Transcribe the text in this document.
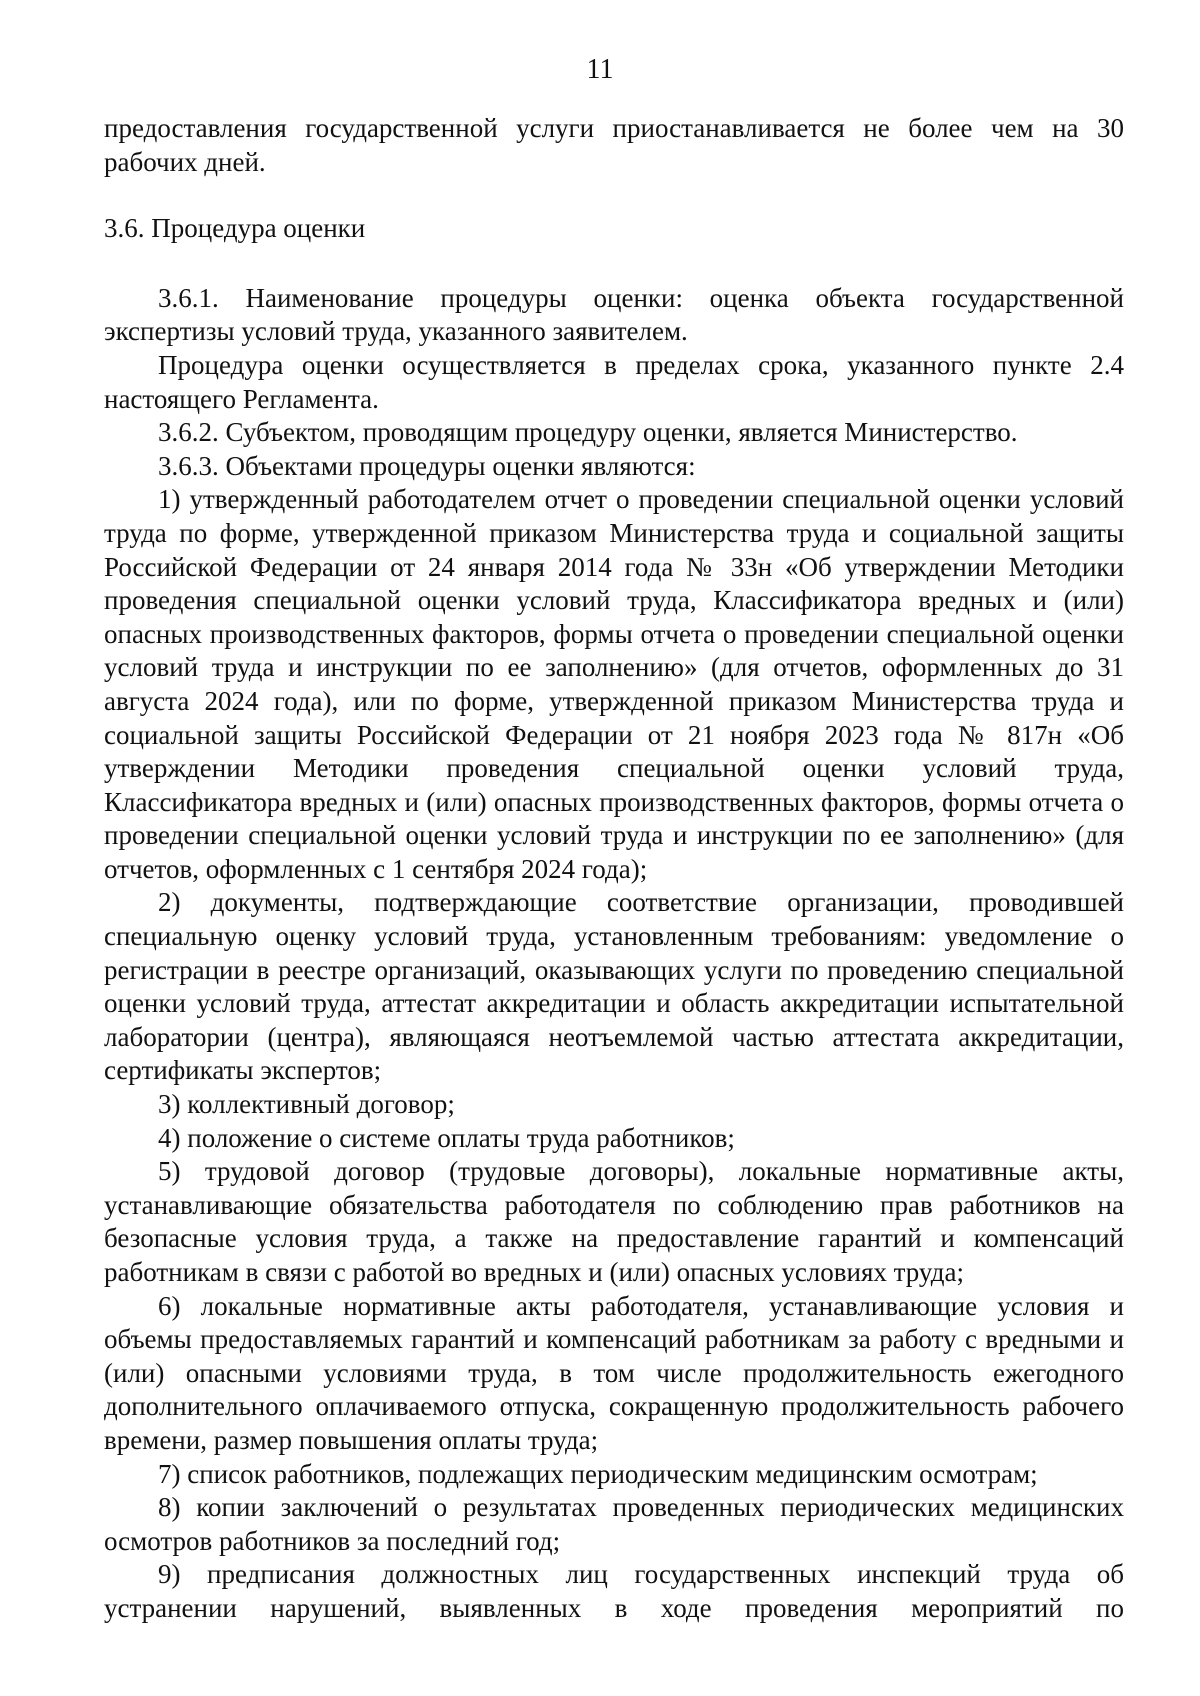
11

предоставления государственной услуги приостанавливается не более чем на 30 рабочих дней.

3.6. Процедура оценки

3.6.1. Наименование процедуры оценки: оценка объекта государственной экспертизы условий труда, указанного заявителем.

Процедура оценки осуществляется в пределах срока, указанного пункте 2.4 настоящего Регламента.

3.6.2. Субъектом, проводящим процедуру оценки, является Министерство.

3.6.3. Объектами процедуры оценки являются:

1) утвержденный работодателем отчет о проведении специальной оценки условий труда по форме, утвержденной приказом Министерства труда и социальной защиты Российской Федерации от 24 января 2014 года № 33н «Об утверждении Методики проведения специальной оценки условий труда, Классификатора вредных и (или) опасных производственных факторов, формы отчета о проведении специальной оценки условий труда и инструкции по ее заполнению» (для отчетов, оформленных до 31 августа 2024 года), или по форме, утвержденной приказом Министерства труда и социальной защиты Российской Федерации от 21 ноября 2023 года № 817н «Об утверждении Методики проведения специальной оценки условий труда, Классификатора вредных и (или) опасных производственных факторов, формы отчета о проведении специальной оценки условий труда и инструкции по ее заполнению» (для отчетов, оформленных с 1 сентября 2024 года);

2) документы, подтверждающие соответствие организации, проводившей специальную оценку условий труда, установленным требованиям: уведомление о регистрации в реестре организаций, оказывающих услуги по проведению специальной оценки условий труда, аттестат аккредитации и область аккредитации испытательной лаборатории (центра), являющаяся неотъемлемой частью аттестата аккредитации, сертификаты экспертов;

3) коллективный договор;

4) положение о системе оплаты труда работников;

5) трудовой договор (трудовые договоры), локальные нормативные акты, устанавливающие обязательства работодателя по соблюдению прав работников на безопасные условия труда, а также на предоставление гарантий и компенсаций работникам в связи с работой во вредных и (или) опасных условиях труда;

6) локальные нормативные акты работодателя, устанавливающие условия и объемы предоставляемых гарантий и компенсаций работникам за работу с вредными и (или) опасными условиями труда, в том числе продолжительность ежегодного дополнительного оплачиваемого отпуска, сокращенную продолжительность рабочего времени, размер повышения оплаты труда;

7) список работников, подлежащих периодическим медицинским осмотрам;

8) копии заключений о результатах проведенных периодических медицинских осмотров работников за последний год;

9) предписания должностных лиц государственных инспекций труда об устранении нарушений, выявленных в ходе проведения мероприятий по
